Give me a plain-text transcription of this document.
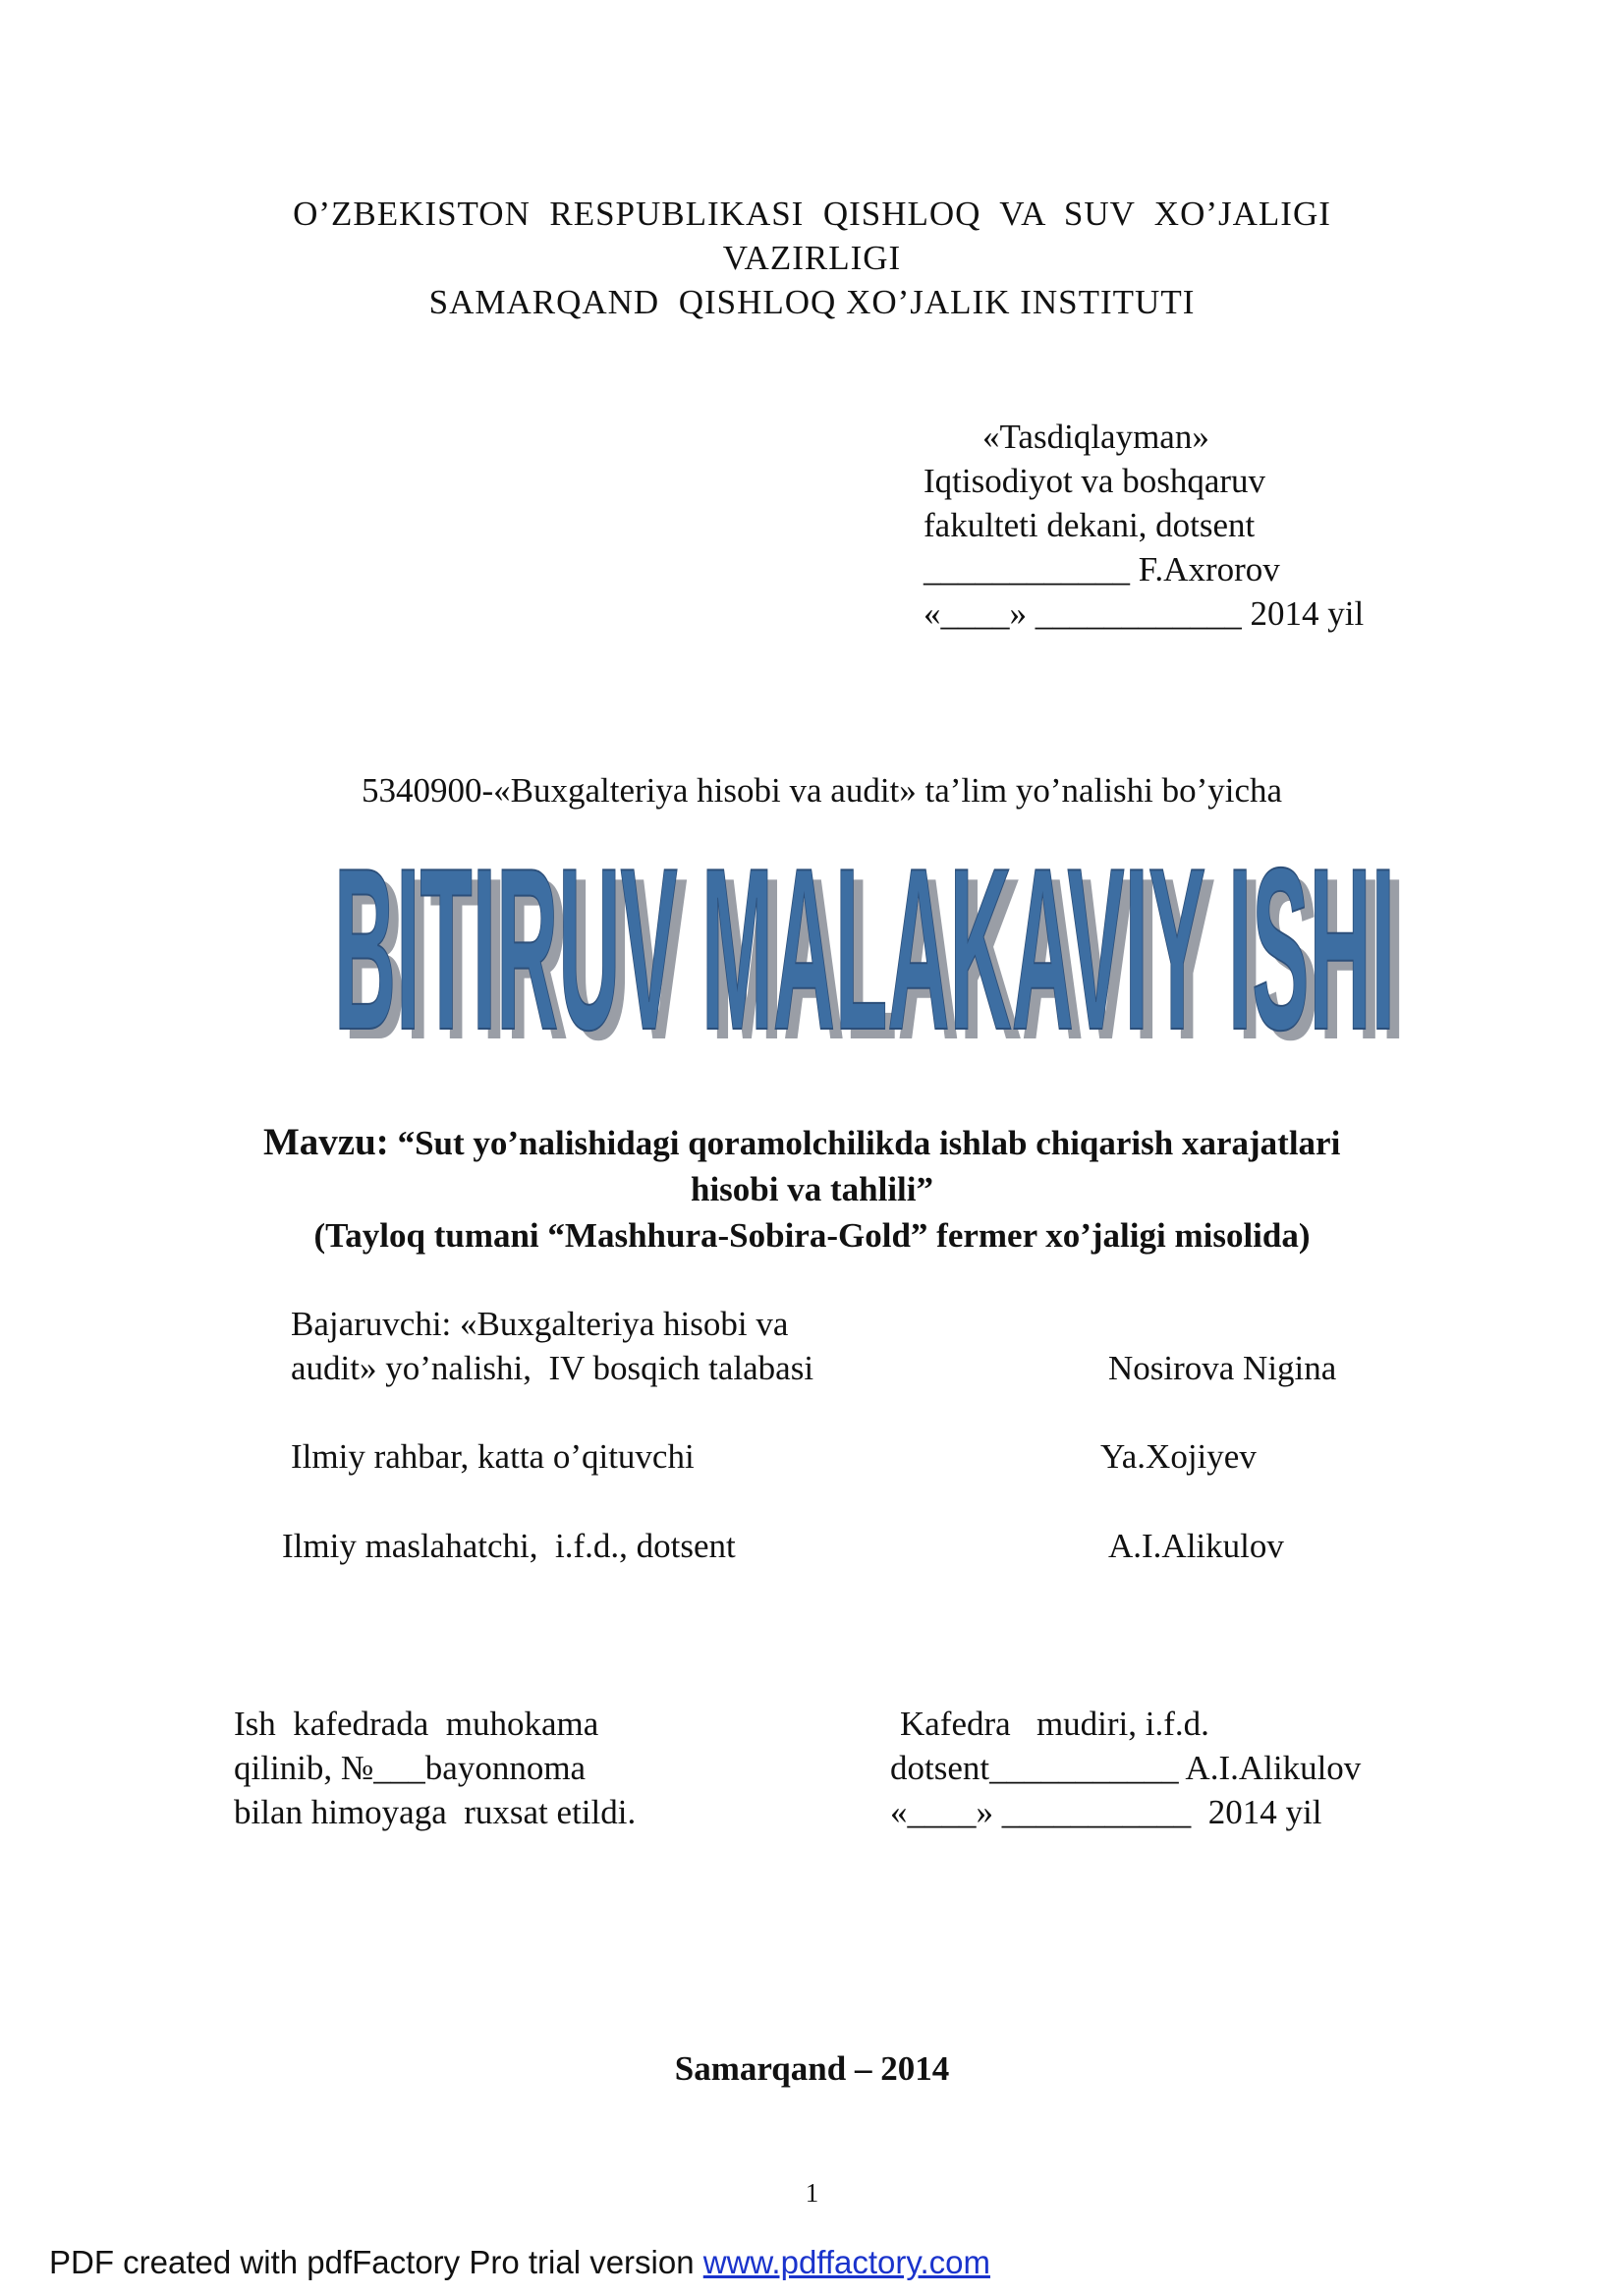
O’ZBEKISTON  RESPUBLIKASI  QISHLOQ  VA  SUV  XO’JALIGI
VAZIRLIGI
SAMARQAND  QISHLOQ XO’JALIK INSTITUTI
«Tasdiqlayman»
Iqtisodiyot va boshqaruv
fakulteti dekani, dotsent
____________ F.Axrorov
«____» ____________ 2014 yil
5340900-«Buxgalteriya hisobi va audit» ta’lim yo’nalishi bo’yicha
BITIRUV MALAKAVIY ISHI
BITIRUV MALAKAVIY ISHI
Mavzu: “Sut yo’nalishidagi qoramolchilikda ishlab chiqarish xarajatlari
hisobi va tahlili”
(Tayloq tumani “Mashhura-Sobira-Gold” fermer xo’jaligi misolida)
Bajaruvchi: «Buxgalteriya hisobi va
audit» yo’nalishi,  IV bosqich talabasi	Nosirova Nigina
Ilmiy rahbar, katta o’qituvchi	Ya.Xojiyev
Ilmiy maslahatchi,  i.f.d., dotsent	A.I.Alikulov
Ish  kafedrada  muhokama
qilinib, №___bayonnoma
bilan himoyaga  ruxsat etildi.
Kafedra   mudiri, i.f.d.
dotsent___________ A.I.Alikulov
«____» ___________  2014 yil
Samarqand – 2014
1
PDF created with pdfFactory Pro trial version www.pdffactory.com
